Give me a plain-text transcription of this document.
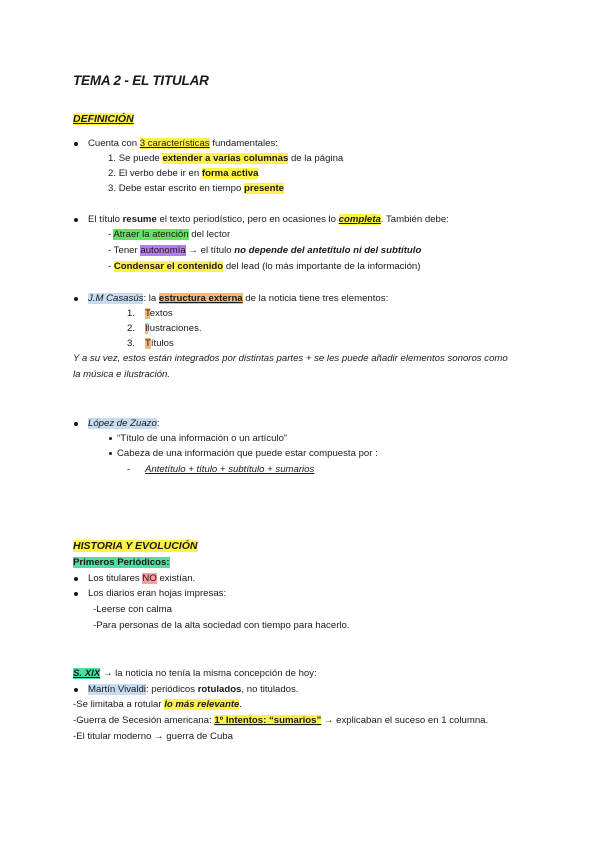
TEMA 2 - EL TITULAR
DEFINICIÓN
Cuenta con 3 características fundamentales:
1. Se puede extender a varias columnas de la página
2. El verbo debe ir en forma activa
3. Debe estar escrito en tiempo presente
El título resume el texto periodístico, pero en ocasiones lo completa. También debe:
- Atraer la atención del lector
- Tener autonomía → el título no depende del antetítulo ni del subtítulo
- Condensar el contenido del lead (lo más importante de la información)
J.M Casasús: la estructura externa de la noticia tiene tres elementos:
1. Textos
2. Ilustraciones.
3. Títulos
Y a su vez, estos están integrados por distintas partes + se les puede añadir elementos sonoros como
la música e ilustración.
López de Zuazo:
“Título de una información o un artículo”
Cabeza de una información que puede estar compuesta por :
- Antetítulo + título + subtítulo + sumarios
HISTORIA Y EVOLUCIÓN
Primeros Periódicos:
Los titulares NO existían.
Los diarios eran hojas impresas:
-Leerse con calma
-Para personas de la alta sociedad con tiempo para hacerlo.
S. XIX → la noticia no tenía la misma concepción de hoy:
Martín Vivaldi: periódicos rotulados, no titulados.
-Se limitaba a rotular lo más relevante.
-Guerra de Secesión americana: 1º Intentos: “sumarios” → explicaban el suceso en 1 columna.
-El titular moderno → guerra de Cuba
